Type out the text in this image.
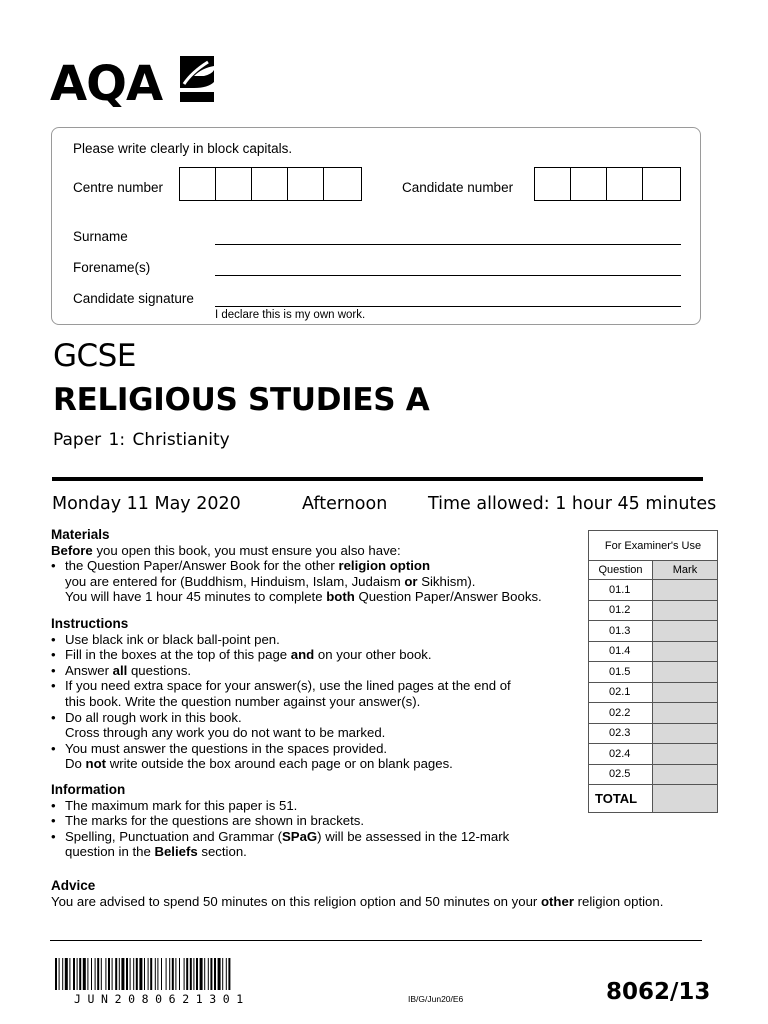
AQA
Please write clearly in block capitals.
Centre number	Candidate number
Surname
Forename(s)
Candidate signature
I declare this is my own work.
GCSE
RELIGIOUS STUDIES A
Paper 1: Christianity
Monday 11 May 2020	Afternoon Time allowed: 1 hour 45 minutes
Materials
Before you open this book, you must ensure you also have:
• the Question Paper/Answer Book for the other religion option
you are entered for (Buddhism, Hinduism, Islam, Judaism or Sikhism).
You will have 1 hour 45 minutes to complete both Question Paper/Answer Books.
Instructions
• Use black ink or black ball-point pen.
• Fill in the boxes at the top of this page and on your other book.
• Answer all questions.
• If you need extra space for your answer(s), use the lined pages at the end of
this book. Write the question number against your answer(s).
• Do all rough work in this book.
Cross through any work you do not want to be marked.
• You must answer the questions in the spaces provided.
Do not write outside the box around each page or on blank pages.
Information
• The maximum mark for this paper is 51.
• The marks for the questions are shown in brackets.
• Spelling, Punctuation and Grammar (SPaG) will be assessed in the 12-mark
question in the Beliefs section.
Advice
You are advised to spend 50 minutes on this religion option and 50 minutes on your other religion option.
For Examiner's Use	
Question	Mark
01.1	
01.2	
01.3	
01.4	
01.5	
02.1	
02.2	
02.3	
02.4	
02.5	
TOTAL	
JUN2080621301	IB/G/Jun20/E6	8062/13
